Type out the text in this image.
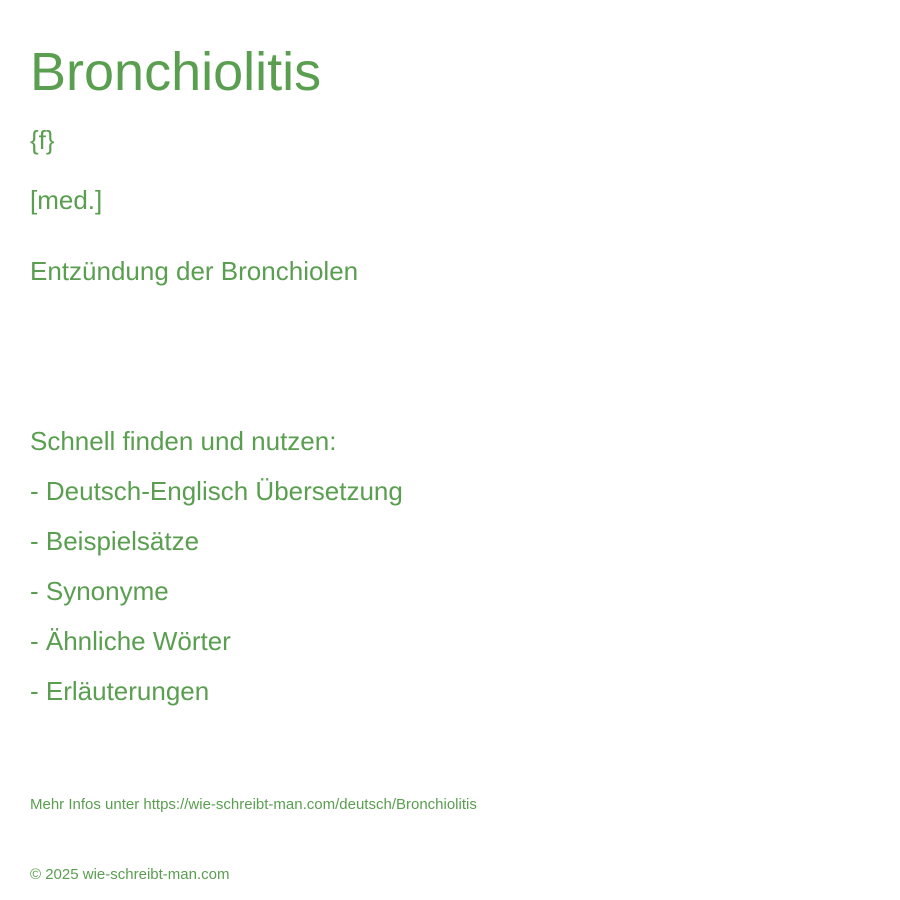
Bronchiolitis
{f}
[med.]
Entzündung der Bronchiolen
Schnell finden und nutzen:
- Deutsch-Englisch Übersetzung
- Beispielsätze
- Synonyme
- Ähnliche Wörter
- Erläuterungen
Mehr Infos unter https://wie-schreibt-man.com/deutsch/Bronchiolitis
© 2025 wie-schreibt-man.com
